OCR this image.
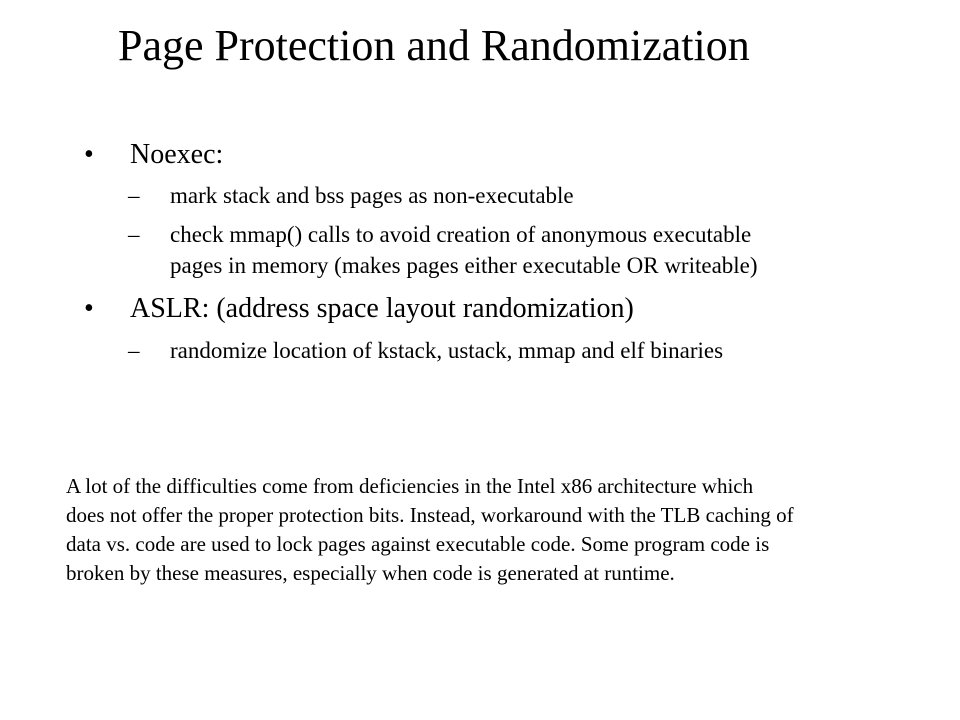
Page Protection and Randomization
• Noexec:
– mark stack and bss pages as non-executable
– check mmap() calls to avoid creation of anonymous executable
pages in memory (makes pages either executable OR writeable)
• ASLR: (address space layout randomization)
– randomize location of kstack, ustack, mmap and elf binaries
A lot of the difficulties come from deficiencies in the Intel x86 architecture which
does not offer the proper protection bits. Instead, workaround with the TLB caching of
data vs. code are used to lock pages against executable code. Some program code is
broken by these measures, especially when code is generated at runtime.
